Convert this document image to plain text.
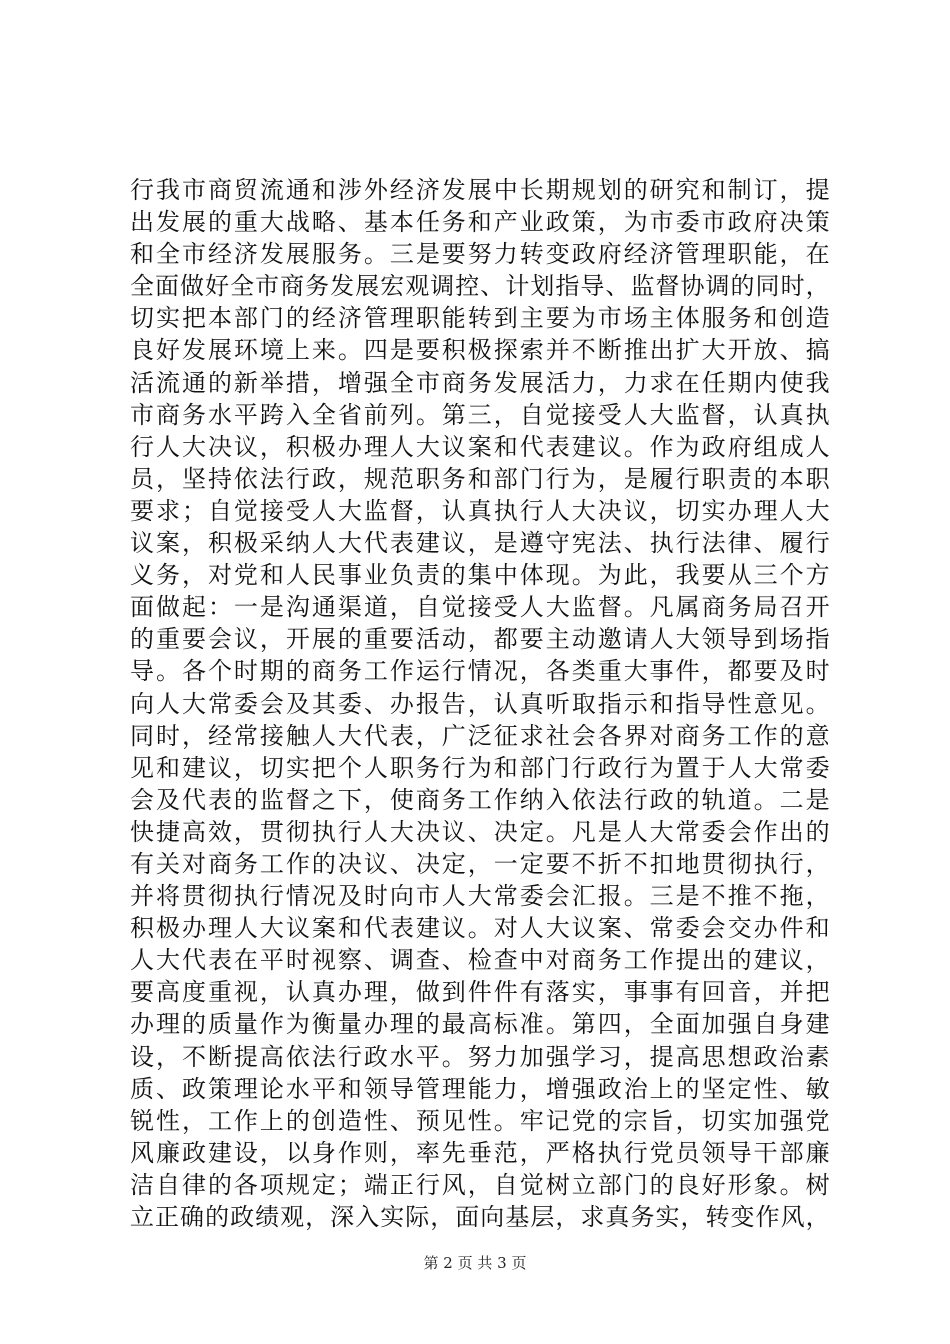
行我市商贸流通和涉外经济发展中长期规划的研究和制订，提
出发展的重大战略、基本任务和产业政策，为市委市政府决策
和全市经济发展服务。三是要努力转变政府经济管理职能，在
全面做好全市商务发展宏观调控、计划指导、监督协调的同时，
切实把本部门的经济管理职能转到主要为市场主体服务和创造
良好发展环境上来。四是要积极探索并不断推出扩大开放、搞
活流通的新举措，增强全市商务发展活力，力求在任期内使我
市商务水平跨入全省前列。第三，自觉接受人大监督，认真执
行人大决议，积极办理人大议案和代表建议。作为政府组成人
员，坚持依法行政，规范职务和部门行为，是履行职责的本职
要求；自觉接受人大监督，认真执行人大决议，切实办理人大
议案，积极采纳人大代表建议，是遵守宪法、执行法律、履行
义务，对党和人民事业负责的集中体现。为此，我要从三个方
面做起：一是沟通渠道，自觉接受人大监督。凡属商务局召开
的重要会议，开展的重要活动，都要主动邀请人大领导到场指
导。各个时期的商务工作运行情况，各类重大事件，都要及时
向人大常委会及其委、办报告，认真听取指示和指导性意见。
同时，经常接触人大代表，广泛征求社会各界对商务工作的意
见和建议，切实把个人职务行为和部门行政行为置于人大常委
会及代表的监督之下，使商务工作纳入依法行政的轨道。二是
快捷高效，贯彻执行人大决议、决定。凡是人大常委会作出的
有关对商务工作的决议、决定，一定要不折不扣地贯彻执行，
并将贯彻执行情况及时向市人大常委会汇报。三是不推不拖，
积极办理人大议案和代表建议。对人大议案、常委会交办件和
人大代表在平时视察、调查、检查中对商务工作提出的建议，
要高度重视，认真办理，做到件件有落实，事事有回音，并把
办理的质量作为衡量办理的最高标准。第四，全面加强自身建
设，不断提高依法行政水平。努力加强学习，提高思想政治素
质、政策理论水平和领导管理能力，增强政治上的坚定性、敏
锐性，工作上的创造性、预见性。牢记党的宗旨，切实加强党
风廉政建设，以身作则，率先垂范，严格执行党员领导干部廉
洁自律的各项规定；端正行风，自觉树立部门的良好形象。树
立正确的政绩观，深入实际，面向基层，求真务实，转变作风，
第 2 页 共 3 页
